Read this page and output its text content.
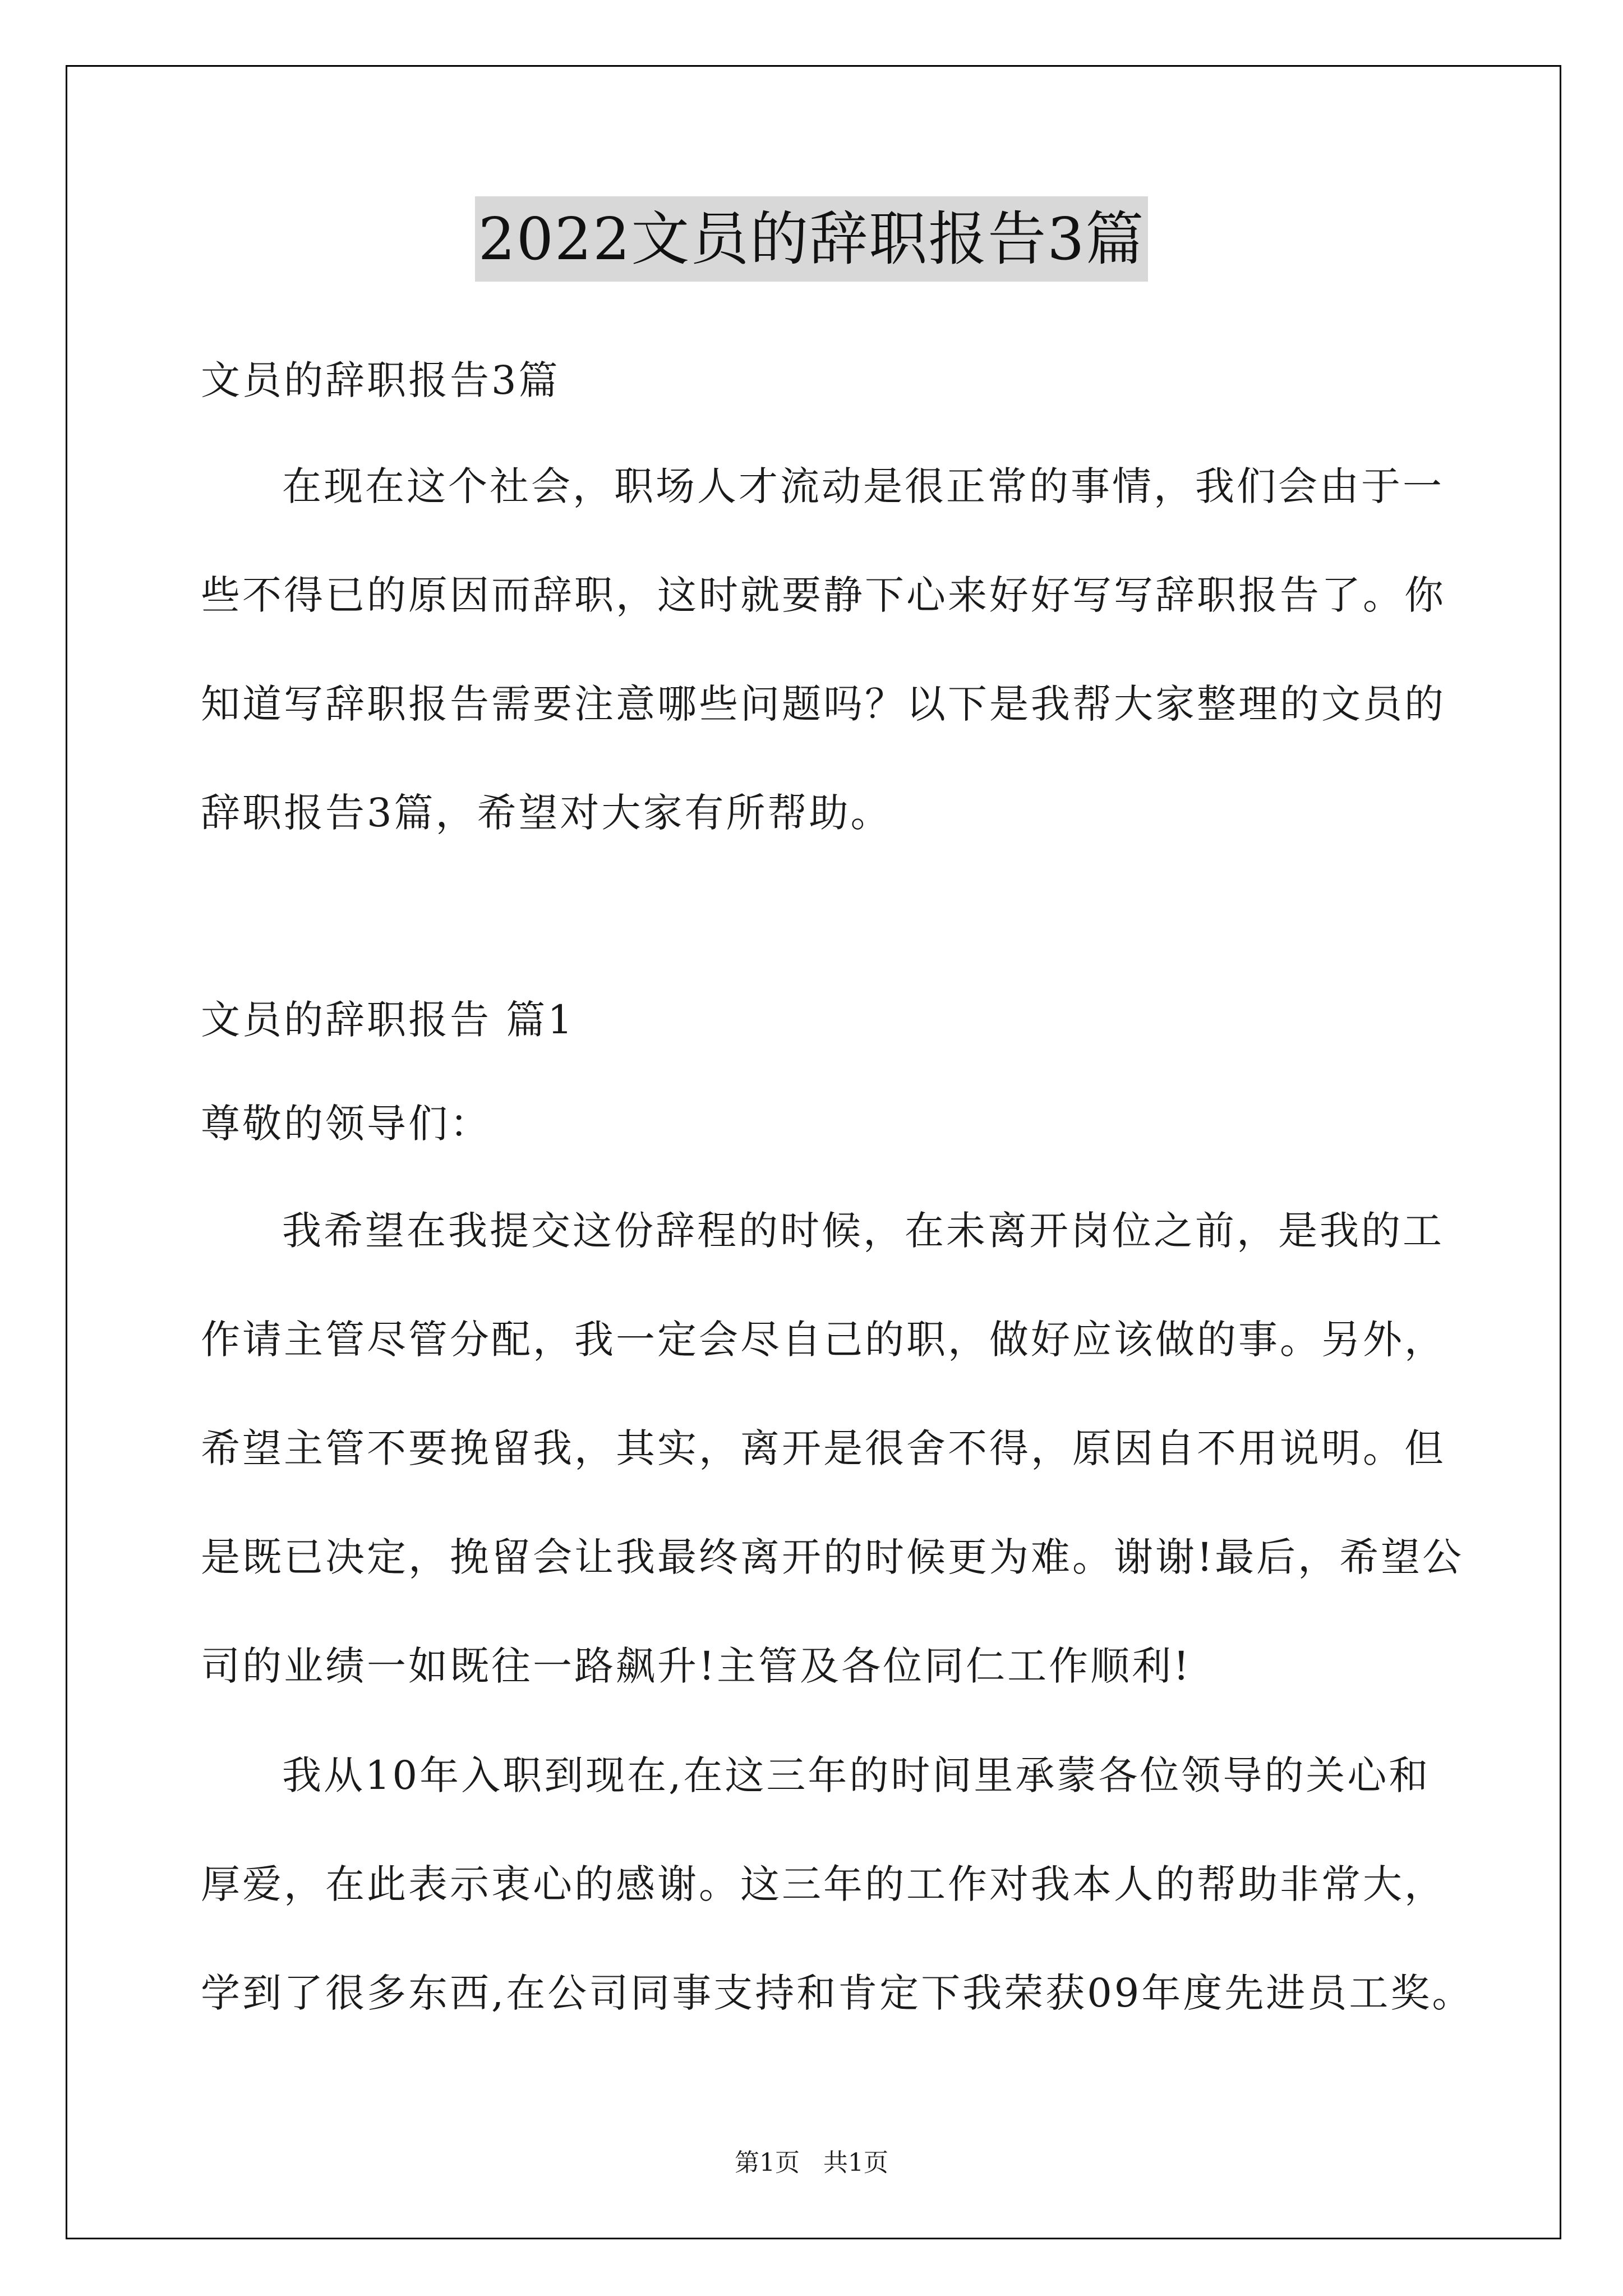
2022文员的辞职报告3篇
文员的辞职报告3篇
在现在这个社会，职场人才流动是很正常的事情，我们会由于一
些不得已的原因而辞职，这时就要静下心来好好写写辞职报告了。你
知道写辞职报告需要注意哪些问题吗？以下是我帮大家整理的文员的
辞职报告3篇，希望对大家有所帮助。
文员的辞职报告 篇1
尊敬的领导们：
我希望在我提交这份辞程的时候，在未离开岗位之前，是我的工
作请主管尽管分配，我一定会尽自己的职，做好应该做的事。另外，
希望主管不要挽留我，其实，离开是很舍不得，原因自不用说明。但
是既已决定，挽留会让我最终离开的时候更为难。谢谢!最后，希望公
司的业绩一如既往一路飙升!主管及各位同仁工作顺利!
我从10年入职到现在,在这三年的时间里承蒙各位领导的关心和
厚爱，在此表示衷心的感谢。这三年的工作对我本人的帮助非常大，
学到了很多东西,在公司同事支持和肯定下我荣获09年度先进员工奖。
第1页   共1页
